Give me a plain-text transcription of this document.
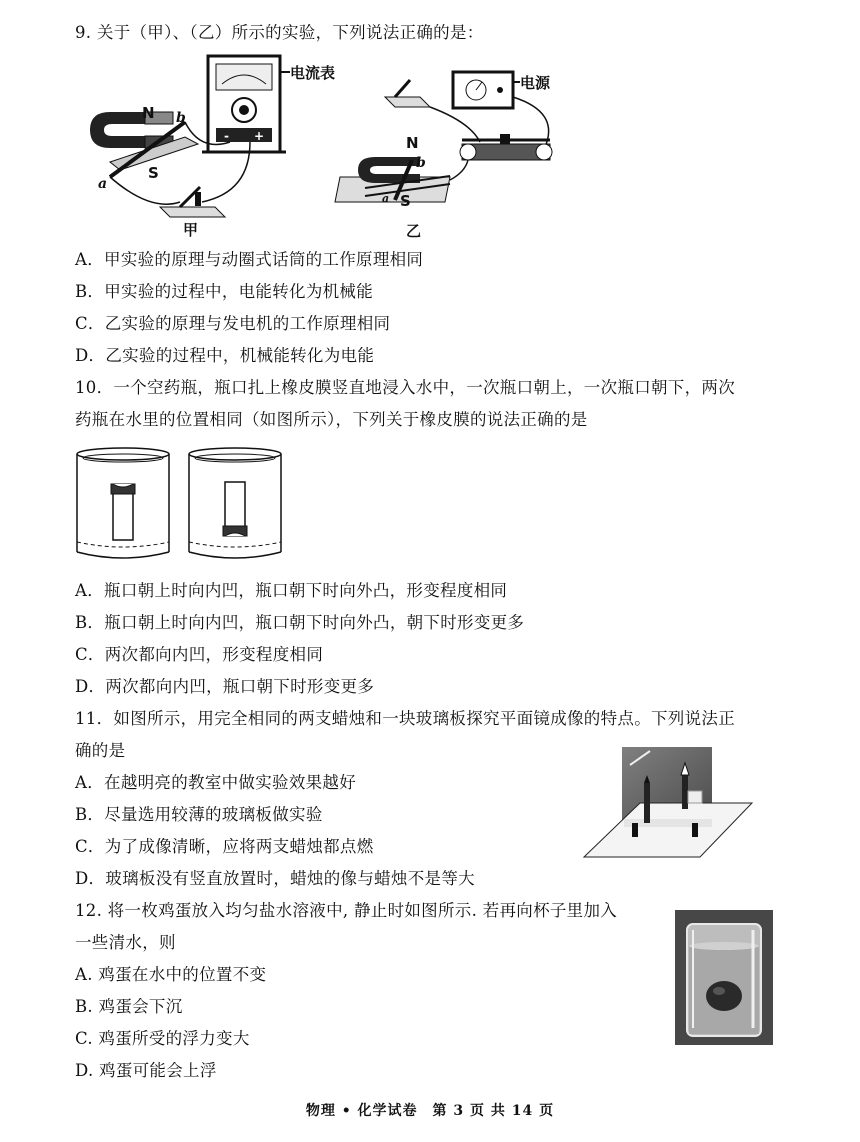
9. 关于（甲）、（乙）所示的实验，下列说法正确的是：
N
S
b
a
- +
电流表
甲
电源
N
S
b
a
乙
A．甲实验的原理与动圈式话筒的工作原理相同
B．甲实验的过程中，电能转化为机械能
C．乙实验的原理与发电机的工作原理相同
D．乙实验的过程中，机械能转化为电能
10．一个空药瓶，瓶口扎上橡皮膜竖直地浸入水中，一次瓶口朝上，一次瓶口朝下，两次
药瓶在水里的位置相同（如图所示），下列关于橡皮膜的说法正确的是
A．瓶口朝上时向内凹，瓶口朝下时向外凸，形变程度相同
B．瓶口朝上时向内凹，瓶口朝下时向外凸，朝下时形变更多
C．两次都向内凹，形变程度相同
D．两次都向内凹，瓶口朝下时形变更多
11．如图所示，用完全相同的两支蜡烛和一块玻璃板探究平面镜成像的特点。下列说法正
确的是
A．在越明亮的教室中做实验效果越好
B．尽量选用较薄的玻璃板做实验
C．为了成像清晰，应将两支蜡烛都点燃
D．玻璃板没有竖直放置时，蜡烛的像与蜡烛不是等大
12. 将一枚鸡蛋放入均匀盐水溶液中, 静止时如图所示. 若再向杯子里加入
一些清水，则
A. 鸡蛋在水中的位置不变
B. 鸡蛋会下沉
C. 鸡蛋所受的浮力变大
D. 鸡蛋可能会上浮
物理 • 化学试卷　第 3 页 共 14 页
